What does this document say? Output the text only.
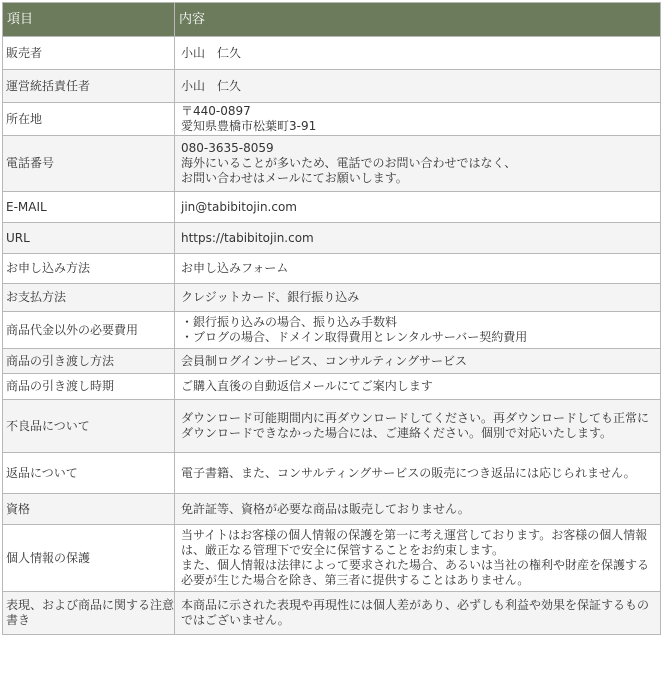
項目	内容
販売者	小山　仁久

運営統括責任者	小山　仁久

所在地	〒440-0897
愛知県豊橋市松葉町3-91

電話番号	080-3635-8059
海外にいることが多いため、電話でのお問い合わせではなく、
お問い合わせはメールにてお願いします。

E-MAIL	jin@tabibitojin.com

URL	https://tabibitojin.com

お申し込み方法	お申し込みフォーム

お支払方法	クレジットカード、銀行振り込み

商品代金以外の必要費用	・銀行振り込みの場合、振り込み手数料
・ブログの場合、ドメイン取得費用とレンタルサーバー契約費用

商品の引き渡し方法	会員制ログインサービス、コンサルティングサービス

商品の引き渡し時期	ご購入直後の自動返信メールにてご案内します

不良品について	ダウンロード可能期間内に再ダウンロードしてください。再ダウンロードしても正常に
ダウンロードできなかった場合には、ご連絡ください。個別で対応いたします。

返品について	電子書籍、また、コンサルティングサービスの販売につき返品には応じられません。

資格	免許証等、資格が必要な商品は販売しておりません。

個人情報の保護	当サイトはお客様の個人情報の保護を第一に考え運営しております。お客様の個人情報
は、厳正なる管理下で安全に保管することをお約束します。
また、個人情報は法律によって要求された場合、あるいは当社の権利や財産を保護する
必要が生じた場合を除き、第三者に提供することはありません。

表現、および商品に関する注意
書き	本商品に示された表現や再現性には個人差があり、必ずしも利益や効果を保証するもの
ではございません。
